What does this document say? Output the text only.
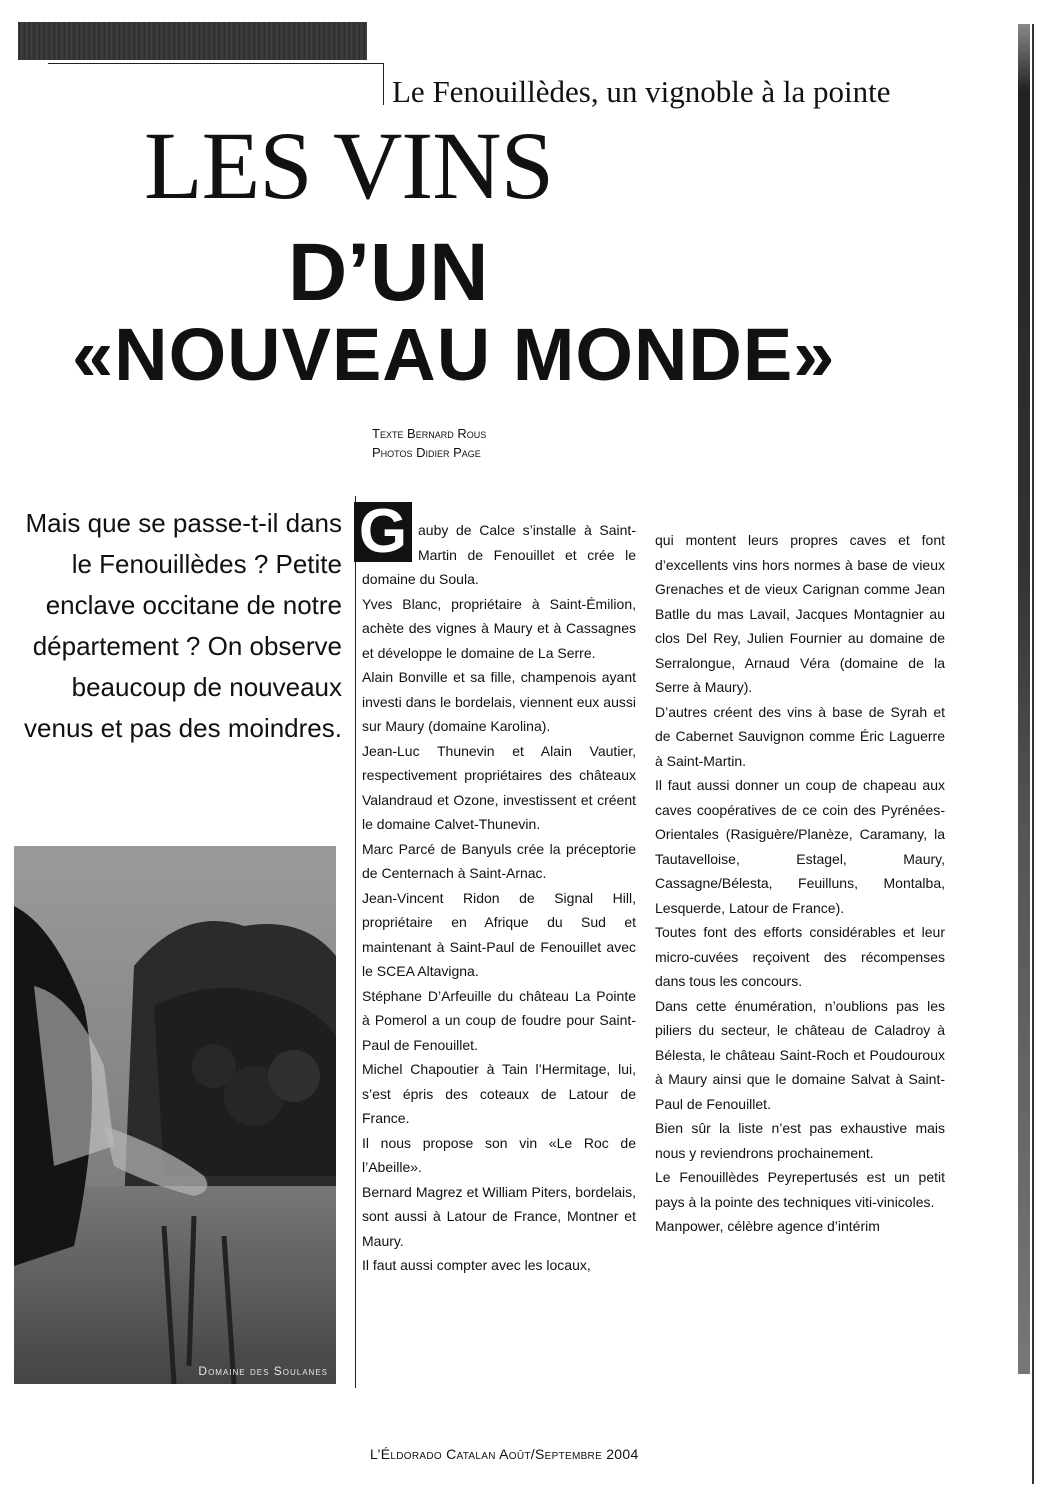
Le Fenouillèdes, un vignoble à la pointe
LES VINS
D’UN
«NOUVEAU MONDE»
Texte Bernard Rous
Photos Didier Page

Mais que se passe-t-il dans le Fenouillèdes ? Petite enclave occitane de notre département ? On observe beaucoup de nouveaux venus et pas des moindres.

Domaine des Soulanes

G auby de Calce s’installe à Saint-Martin de Fenouillet et crée le domaine du Soula.

Yves Blanc, propriétaire à Saint-Émilion, achète des vignes à Maury et à Cassagnes et développe le domaine de La Serre.

Alain Bonville et sa fille, champenois ayant investi dans le bordelais, viennent eux aussi sur Maury (domaine Karolina).

Jean-Luc Thunevin et Alain Vautier, respectivement propriétaires des châteaux Valandraud et Ozone, investissent et créent le domaine Calvet-Thunevin.

Marc Parcé de Banyuls crée la préceptorie de Centernach à Saint-Arnac.

Jean-Vincent Ridon de Signal Hill, propriétaire en Afrique du Sud et maintenant à Saint-Paul de Fenouillet avec le SCEA Altavigna.

Stéphane D’Arfeuille du château La Pointe à Pomerol a un coup de foudre pour Saint-Paul de Fenouillet.

Michel Chapoutier à Tain l’Hermitage, lui, s’est épris des coteaux de Latour de France.

Il nous propose son vin «Le Roc de l’Abeille».

Bernard Magrez et William Piters, bordelais, sont aussi à Latour de France, Montner et Maury.

Il faut aussi compter avec les locaux,

qui montent leurs propres caves et font d’excellents vins hors normes à base de vieux Grenaches et de vieux Carignan comme Jean Batlle du mas Lavail, Jacques Montagnier au clos Del Rey, Julien Fournier au domaine de Serralongue, Arnaud Véra (domaine de la Serre à Maury).

D’autres créent des vins à base de Syrah et de Cabernet Sauvignon comme Éric Laguerre à Saint-Martin.

Il faut aussi donner un coup de chapeau aux caves coopératives de ce coin des Pyrénées-Orientales (Rasiguère/Planèze, Caramany, la Tautavelloise, Estagel, Maury, Cassagne/Bélesta, Feuilluns, Montalba, Lesquerde, Latour de France).

Toutes font des efforts considérables et leur micro-cuvées reçoivent des récompenses dans tous les concours.

Dans cette énumération, n’oublions pas les piliers du secteur, le château de Caladroy à Bélesta, le château Saint-Roch et Poudouroux à Maury ainsi que le domaine Salvat à Saint-Paul de Fenouillet.

Bien sûr la liste n’est pas exhaustive mais nous y reviendrons prochainement.

Le Fenouillèdes Peyrepertusés est un petit pays à la pointe des techniques viti-vinicoles.

Manpower, célèbre agence d’intérim

L’Éldorado Catalan Août/Septembre 2004
